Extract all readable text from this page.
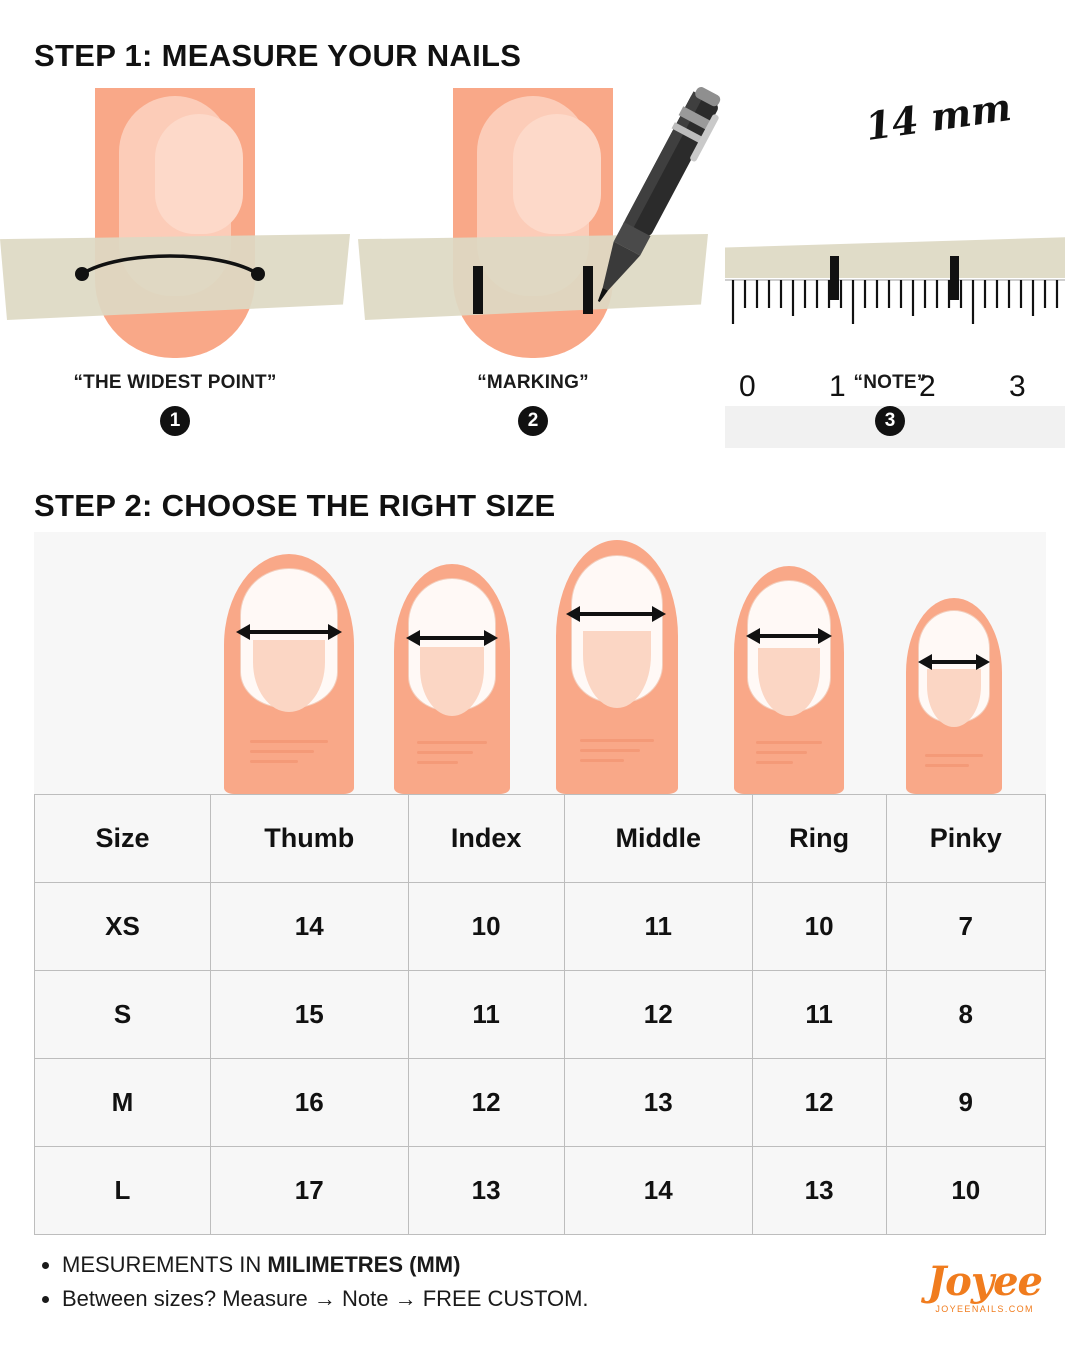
STEP 1: MEASURE YOUR NAILS
0 1 2 3
14 mm
“THE WIDEST POINT”	“MARKING”	“NOTE”
1	2	3
STEP 2: CHOOSE THE RIGHT SIZE
Size	Thumb	Index	Middle	Ring	Pinky
XS	14	10	11	10	7
S	15	11	12	11	8
M	16	12	13	12	9
L	17	13	14	13	10
• MESUREMENTS IN MILIMETRES (MM)
• Between sizes? Measure → Note → FREE CUSTOM.	Joyee
JOYEENAILS.COM
